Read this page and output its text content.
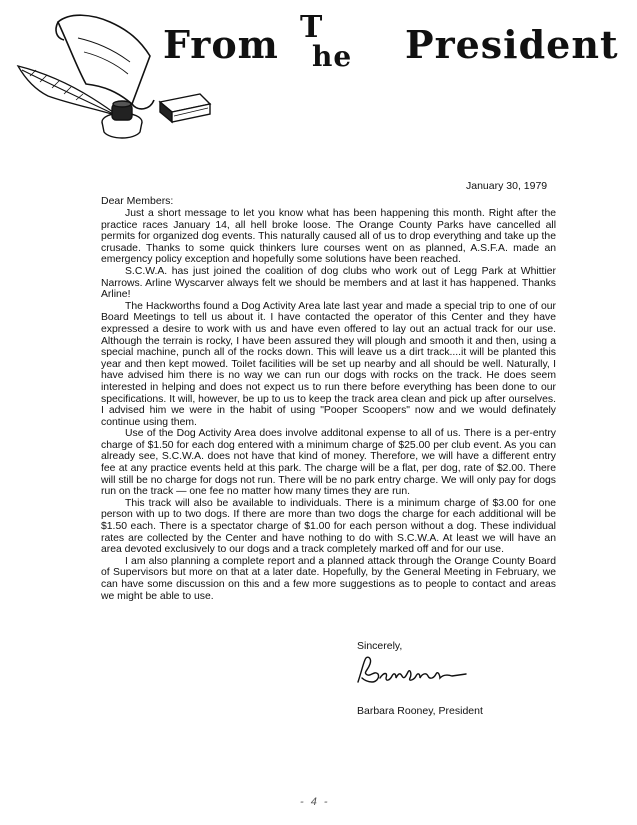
From T
he President
January 30, 1979
Dear Members:

Just a short message to let you know what has been happening this month. Right after the practice races January 14, all hell broke loose. The Orange County Parks have cancelled all permits for organized dog events. This naturally caused all of us to drop everything and take up the crusade. Thanks to some quick thinkers lure courses went on as planned, A.S.F.A. made an emergency policy exception and hopefully some solutions have been reached.

S.C.W.A. has just joined the coalition of dog clubs who work out of Legg Park at Whittier Narrows. Arline Wyscarver always felt we should be members and at last it has happened. Thanks Arline!

The Hackworths found a Dog Activity Area late last year and made a special trip to one of our Board Meetings to tell us about it. I have contacted the operator of this Center and they have expressed a desire to work with us and have even offered to lay out an actual track for our use. Although the terrain is rocky, I have been assured they will plough and smooth it and then, using a special machine, punch all of the rocks down. This will leave us a dirt track....it will be planted this year and then kept mowed. Toilet facilities will be set up nearby and all should be well. Naturally, I have advised him there is no way we can run our dogs with rocks on the track. He does seem interested in helping and does not expect us to run there before everything has been done to our specifications. It will, however, be up to us to keep the track area clean and pick up after ourselves. I advised him we were in the habit of using "Pooper Scoopers" now and we would definately continue using them.

Use of the Dog Activity Area does involve additonal expense to all of us. There is a per-entry charge of $1.50 for each dog entered with a minimum charge of $25.00 per club event. As you can already see, S.C.W.A. does not have that kind of money. Therefore, we will have a different entry fee at any practice events held at this park. The charge will be a flat, per dog, rate of $2.00. There will still be no charge for dogs not run. There will be no park entry charge. We will only pay for dogs run on the track — one fee no matter how many times they are run.

This track will also be available to individuals. There is a minimum charge of $3.00 for one person with up to two dogs. If there are more than two dogs the charge for each additional will be $1.50 each. There is a spectator charge of $1.00 for each person without a dog. These individual rates are collected by the Center and have nothing to do with S.C.W.A. At least we will have an area devoted exclusively to our dogs and a track completely marked off and for our use.

I am also planning a complete report and a planned attack through the Orange County Board of Supervisors but more on that at a later date. Hopefully, by the General Meeting in February, we can have some discussion on this and a few more suggestions as to people to contact and areas we might be able to use.

Sincerely,
Barbara Rooney, President
- 4 -
